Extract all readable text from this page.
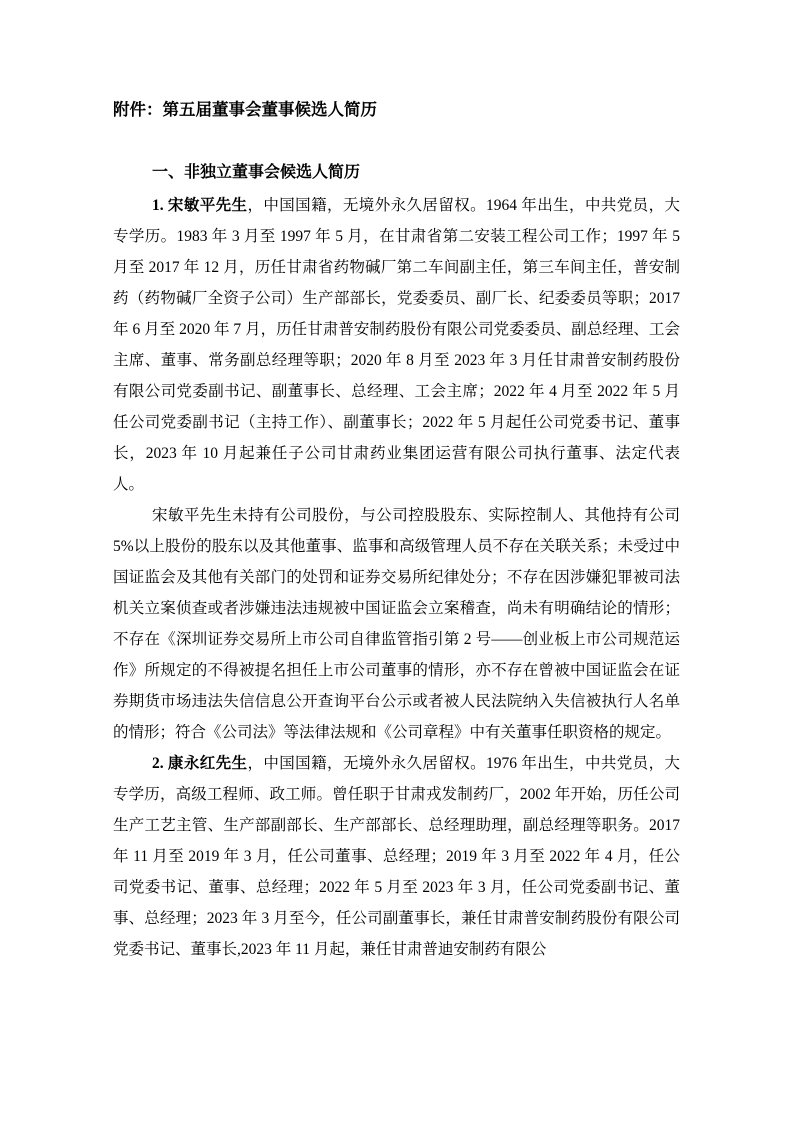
附件：第五届董事会董事候选人简历
一、非独立董事会候选人简历

1. 宋敏平先生，中国国籍，无境外永久居留权。1964 年出生，中共党员，大专学历。1983 年 3 月至 1997 年 5 月，在甘肃省第二安装工程公司工作；1997 年 5 月至 2017 年 12 月，历任甘肃省药物碱厂第二车间副主任，第三车间主任，普安制药（药物碱厂全资子公司）生产部部长，党委委员、副厂长、纪委委员等职；2017 年 6 月至 2020 年 7 月，历任甘肃普安制药股份有限公司党委委员、副总经理、工会主席、董事、常务副总经理等职；2020 年 8 月至 2023 年 3 月任甘肃普安制药股份有限公司党委副书记、副董事长、总经理、工会主席；2022 年 4 月至 2022 年 5 月任公司党委副书记（主持工作）、副董事长；2022 年 5 月起任公司党委书记、董事长，2023 年 10 月起兼任子公司甘肃药业集团运营有限公司执行董事、法定代表人。

宋敏平先生未持有公司股份，与公司控股股东、实际控制人、其他持有公司 5%以上股份的股东以及其他董事、监事和高级管理人员不存在关联关系；未受过中国证监会及其他有关部门的处罚和证券交易所纪律处分；不存在因涉嫌犯罪被司法机关立案侦查或者涉嫌违法违规被中国证监会立案稽查，尚未有明确结论的情形；不存在《深圳证券交易所上市公司自律监管指引第 2 号——创业板上市公司规范运作》所规定的不得被提名担任上市公司董事的情形，亦不存在曾被中国证监会在证券期货市场违法失信信息公开查询平台公示或者被人民法院纳入失信被执行人名单的情形；符合《公司法》等法律法规和《公司章程》中有关董事任职资格的规定。

2. 康永红先生，中国国籍，无境外永久居留权。1976 年出生，中共党员，大专学历，高级工程师、政工师。曾任职于甘肃戎发制药厂，2002 年开始，历任公司生产工艺主管、生产部副部长、生产部部长、总经理助理，副总经理等职务。2017 年 11 月至 2019 年 3 月，任公司董事、总经理；2019 年 3 月至 2022 年 4 月，任公司党委书记、董事、总经理；2022 年 5 月至 2023 年 3 月，任公司党委副书记、董事、总经理；2023 年 3 月至今，任公司副董事长，兼任甘肃普安制药股份有限公司党委书记、董事长,2023 年 11 月起，兼任甘肃普迪安制药有限公
